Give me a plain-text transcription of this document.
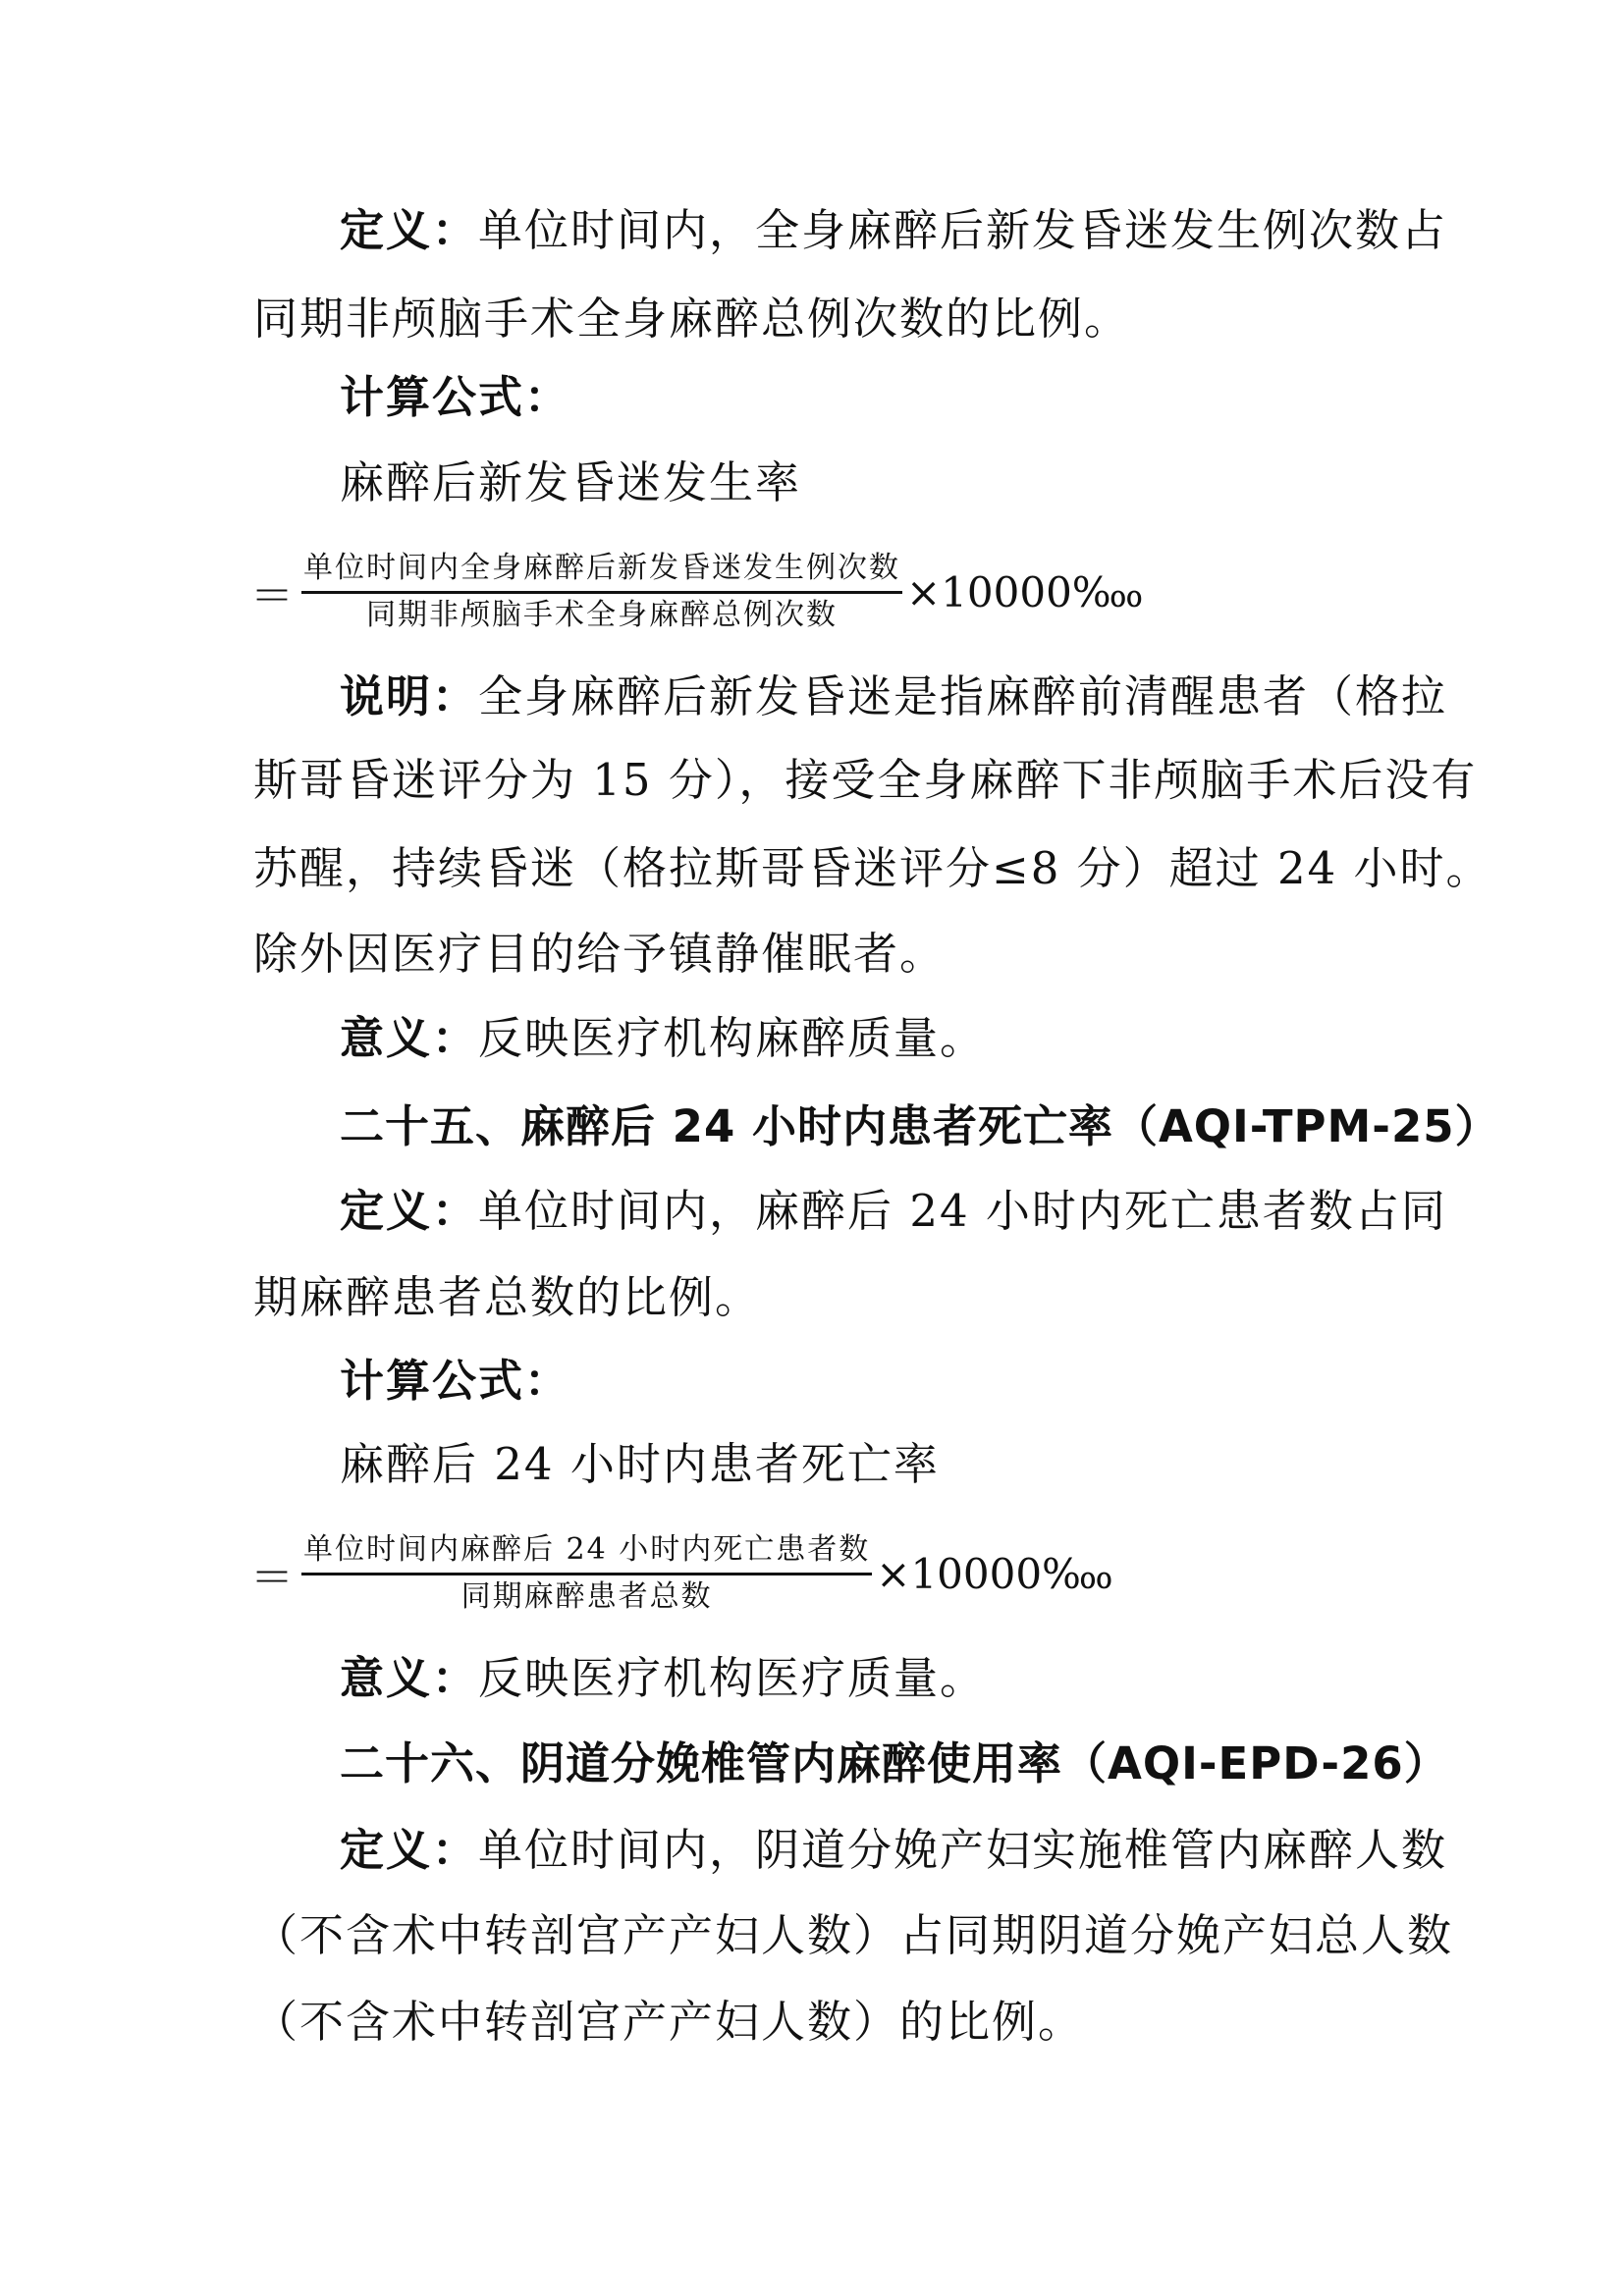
定义：单位时间内，全身麻醉后新发昏迷发生例次数占
同期非颅脑手术全身麻醉总例次数的比例。
计算公式：
麻醉后新发昏迷发生率
＝ $\frac{\text{单位时间内全身麻醉后新发昏迷发生例次数}}{\text{同期非颅脑手术全身麻醉总例次数}}$ ×10000‱
说明：全身麻醉后新发昏迷是指麻醉前清醒患者（格拉
斯哥昏迷评分为 15 分），接受全身麻醉下非颅脑手术后没有
苏醒，持续昏迷（格拉斯哥昏迷评分≤8 分）超过 24 小时。
除外因医疗目的给予镇静催眠者。
意义：反映医疗机构麻醉质量。
二十五、麻醉后 24 小时内患者死亡率（AQI-TPM-25）
定义：单位时间内，麻醉后 24 小时内死亡患者数占同
期麻醉患者总数的比例。
计算公式：
麻醉后 24 小时内患者死亡率
＝ $\frac{\text{单位时间内麻醉后 24 小时内死亡患者数}}{\text{同期麻醉患者总数}}$ ×10000‱
意义：反映医疗机构医疗质量。
二十六、阴道分娩椎管内麻醉使用率（AQI-EPD-26）
定义：单位时间内，阴道分娩产妇实施椎管内麻醉人数
（不含术中转剖宫产产妇人数）占同期阴道分娩产妇总人数
（不含术中转剖宫产产妇人数）的比例。
